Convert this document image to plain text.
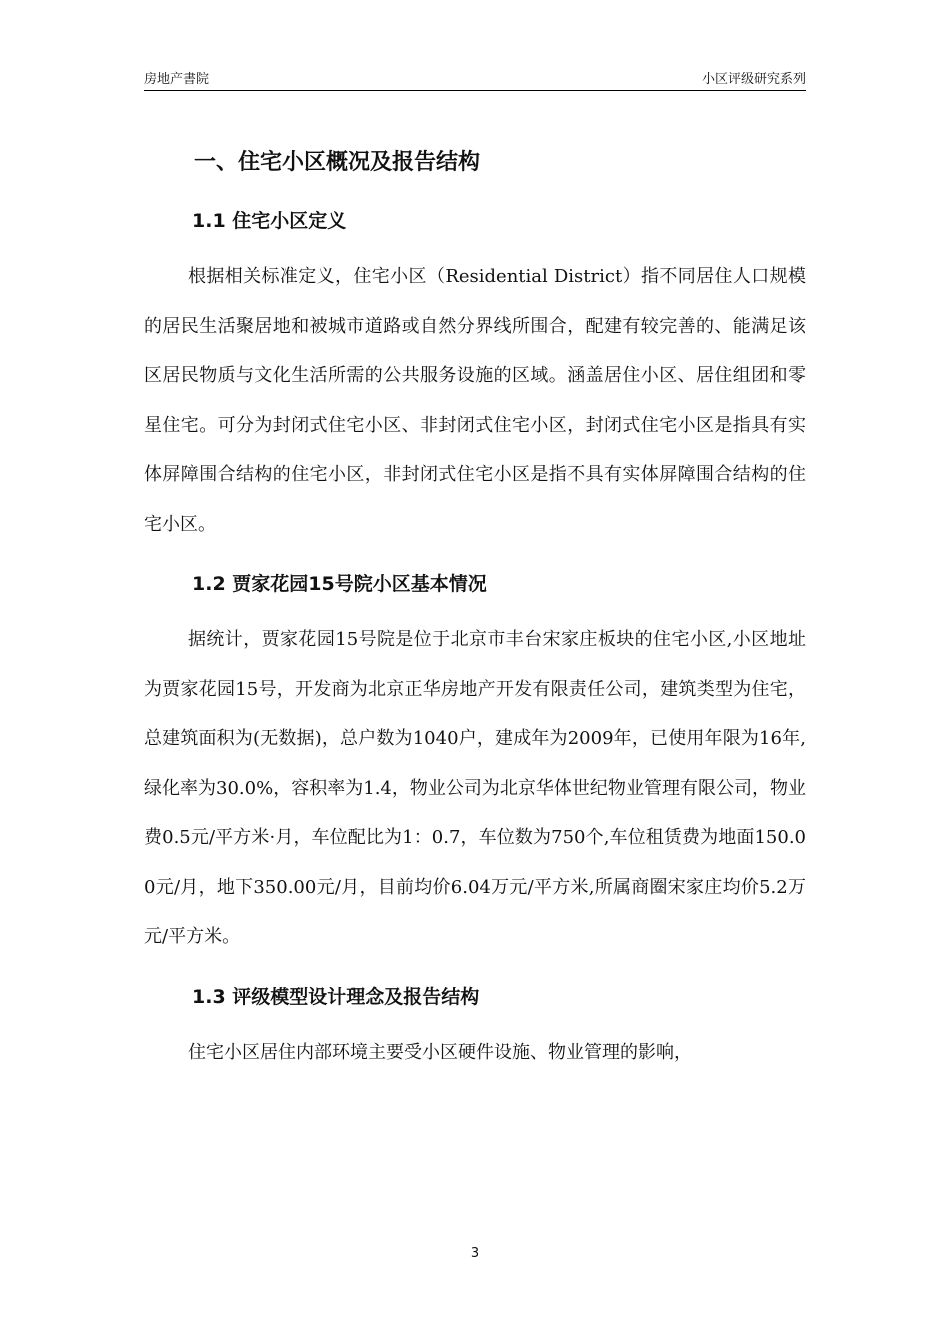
房地产書院	小区评级研究系列
一、住宅小区概况及报告结构
1.1 住宅小区定义

根据相关标准定义，住宅小区（Residential District）指不同居住人口规模的居民生活聚居地和被城市道路或自然分界线所围合，配建有较完善的、能满足该区居民物质与文化生活所需的公共服务设施的区域。涵盖居住小区、居住组团和零星住宅。可分为封闭式住宅小区、非封闭式住宅小区，封闭式住宅小区是指具有实体屏障围合结构的住宅小区，非封闭式住宅小区是指不具有实体屏障围合结构的住宅小区。

1.2 贾家花园15号院小区基本情况

据统计，贾家花园15号院是位于北京市丰台宋家庄板块的住宅小区,小区地址为贾家花园15号，开发商为北京正华房地产开发有限责任公司，建筑类型为住宅，总建筑面积为(无数据)，总户数为1040户，建成年为2009年，已使用年限为16年,绿化率为30.0%，容积率为1.4，物业公司为北京华体世纪物业管理有限公司，物业费0.5元/平方米·月，车位配比为1：0.7，车位数为750个,车位租赁费为地面150.00元/月，地下350.00元/月，目前均价6.04万元/平方米,所属商圈宋家庄均价5.2万元/平方米。

1.3 评级模型设计理念及报告结构

住宅小区居住内部环境主要受小区硬件设施、物业管理的影响，

3
